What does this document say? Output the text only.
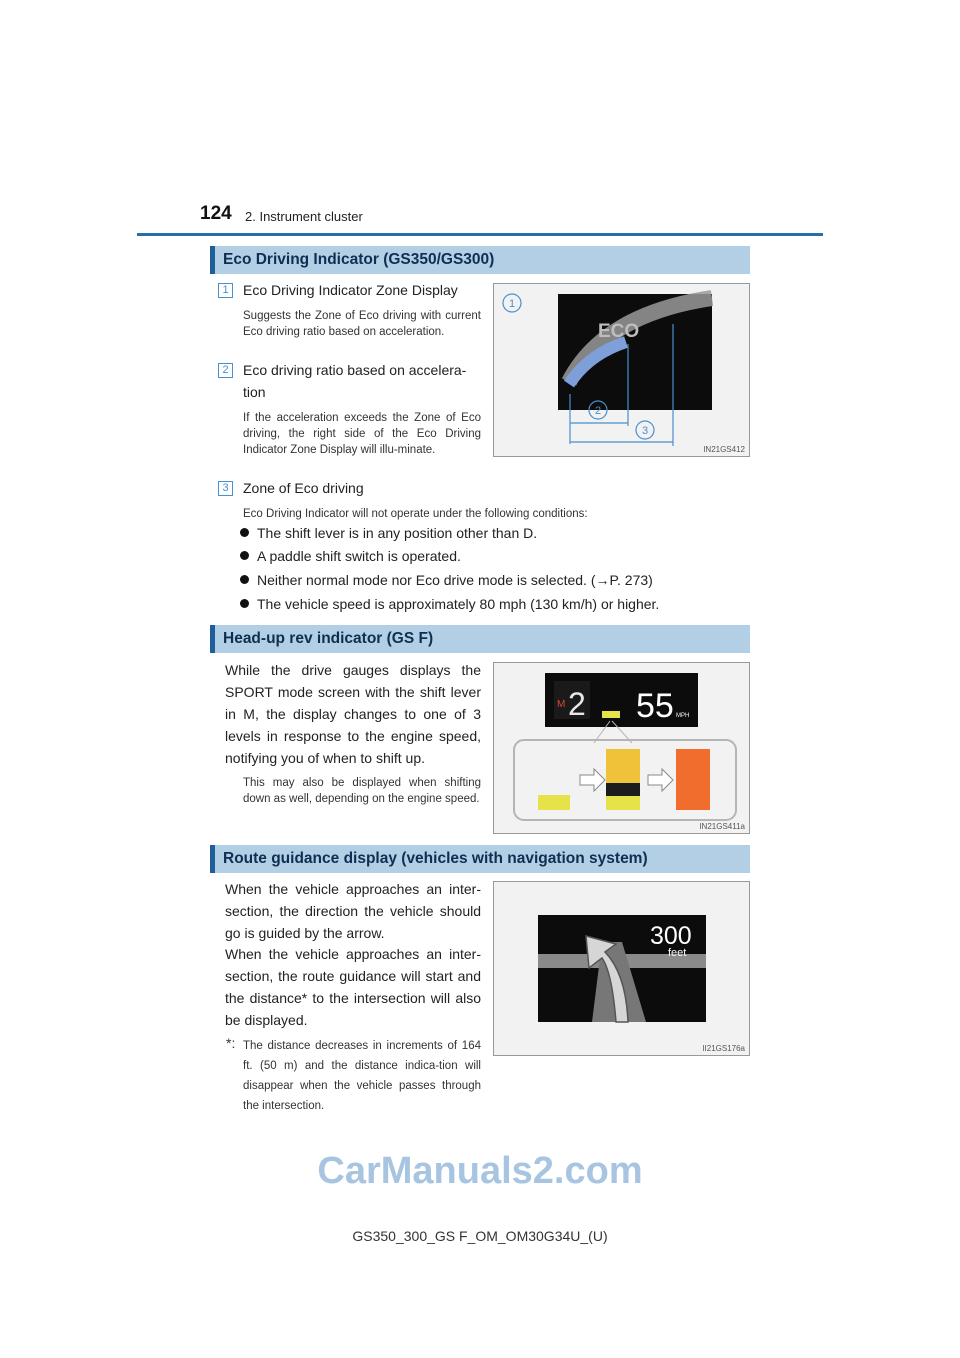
124 2. Instrument cluster
Eco Driving Indicator (GS350/GS300)
1	Eco Driving Indicator Zone Display
Suggests the Zone of Eco driving with current Eco driving ratio based on acceleration.
2	Eco driving ratio based on accelera-
tion
If the acceleration exceeds the Zone of Eco driving, the right side of the Eco Driving Indicator Zone Display will illu-minate.
3	Zone of Eco driving
Eco Driving Indicator will not operate under the following conditions:
The shift lever is in any position other than D.
A paddle shift switch is operated.
Neither normal mode nor Eco drive mode is selected. (→P. 273)
The vehicle speed is approximately 80 mph (130 km/h) or higher.
ECO
1
2
3
IN21GS412
Head-up rev indicator (GS F)
While the drive gauges displays the SPORT mode screen with the shift lever in M, the display changes to one of 3 levels in response to the engine speed, notifying you of when to shift up.
This may also be displayed when shifting down as well, depending on the engine speed.
M 2 55 MPH
IN21GS411a
Route guidance display (vehicles with navigation system)
When the vehicle approaches an inter-section, the direction the vehicle should go is guided by the arrow.
When the vehicle approaches an inter-section, the route guidance will start and the distance* to the intersection will also be displayed.
*: The distance decreases in increments of 164 ft. (50 m) and the distance indica-tion will disappear when the vehicle passes through the intersection.
300
feet
II21GS176a
CarManuals2.com
GS350_300_GS F_OM_OM30G34U_(U)
